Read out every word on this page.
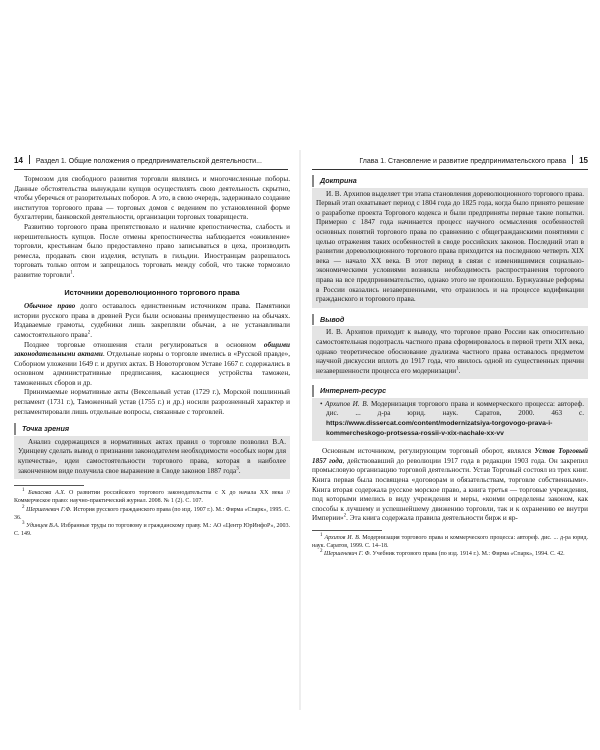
14 Раздел 1. Общие положения о предпринимательской деятельности...

Тормозом для свободного развития торговли являлись и многочисленные поборы. Данные обстоятельства вынуждали купцов осуществлять свою деятельность скрытно, чтобы уберечься от разорительных поборов. А это, в свою очередь, задерживало создание институтов торгового права — торговых домов с ведением по установленной форме бухгалтерии, банковской деятельности, организации торговых товариществ.

Развитию торгового права препятствовало и наличие крепостничества, слабость и нерешительность купцов. После отмены крепостничества наблюдается «оживление» торговли, крестьянам было предоставлено право записываться в цеха, производить ремесла, продавать свои изделия, вступать в гильдии. Иностранцам разрешалось торговать только оптом и запрещалось торговать между собой, что также тормозило развитие торговли$^1$.

Источники дореволюционного торгового права

Обычное право долго оставалось единственным источником права. Памятники истории русского права в древней Руси были основаны преимущественно на обычаях. Издаваемые грамоты, судебники лишь закрепляли обычаи, а не устанавливали самостоятельного права$^2$.

Позднее торговые отношения стали регулироваться в основном общими законодательными актами. Отдельные нормы о торговле имелись в «Русской правде», Соборном уложении 1649 г. и других актах. В Новоторговом Уставе 1667 г. содержались в основном административные предписания, касающиеся устройства таможен, таможенных сборов и др.

Принимаемые нормативные акты (Вексельный устав (1729 г.), Морской пошлинный регламент (1731 г.), Таможенный устав (1755 г.) и др.) носили разрозненный характер и регламентировали лишь отдельные вопросы, связанные с торговлей.

Точка зрения

Анализ содержащихся в нормативных актах правил о торговле позволил В.А. Удинцеву сделать вывод о признании законодателем необходимости «особых норм для купечества», идеи самостоятельности торгового права, которая в наиболее законченном виде получила свое выражение в Своде законов 1887 года$^3$.

$^1$ Бакасова А.Х. О развитии российского торгового законодательства с X до начала XX века // Коммерческое право: научно-практический журнал. 2008. № 1 (2). С. 107.

$^2$ Шершеневич Г.Ф. История русского гражданского права (по изд. 1907 г.). М.: Фирма «Спарк», 1995. С. 36.

$^3$ Удинцев В.А. Избранные труды по торговому и гражданскому праву. М.: АО «Центр ЮрИнфоР», 2003. С. 149.

Глава 1. Становление и развитие предпринимательского права 15
Доктрина

И. В. Архипов выделяет три этапа становления дореволюционного торгового права. Первый этап охватывает период с 1804 года до 1825 года, когда было принято решение о разработке проекта Торгового кодекса и были предприняты первые такие попытки. Примерно с 1847 года начинается процесс научного осмысления особенностей основных понятий торгового права по сравнению с общегражданскими понятиями с целью отражения таких особенностей в своде российских законов. Последний этап в развитии дореволюционного торгового права приходится на последнюю четверть XIX века — начало XX века. В этот период в связи с изменившимися социально-экономическими условиями возникла необходимость распространения торгового права на все предпринимательство, однако этого не произошло. Буржуазные реформы в России оказались незавершенными, что отразилось и на процессе кодификации гражданского и торгового права.

Вывод

И. В. Архипов приходит к выводу, что торговое право России как относительно самостоятельная подотрасль частного права сформировалось в первой трети XIX века, однако теоретическое обоснование дуализма частного права оставалось предметом научной дискуссии вплоть до 1917 года, что явилось одной из существенных причин незавершенности процесса его модернизации$^1$.

Интернет-ресурс

• Архипов И. В. Модернизация торгового права и коммерческого процесса: автореф. дис. ... д-ра юрид. наук. Саратов, 2000. 463 с. https://www.dissercat.com/content/modernizatsiya-torgovogo-prava-i-kommercheskogo-protsessa-rossii-v-xix-nachale-xx-vv

Основным источником, регулирующим торговый оборот, являлся Устав Торговый 1857 года, действовавший до революции 1917 года в редакции 1903 года. Он закрепил промысловую организацию торговой деятельности. Устав Торговый состоял из трех книг. Книга первая была посвящена «договорам и обязательствам, торговле собственными». Книга вторая содержала русское морское право, а книга третья — торговые учреждения, под которыми имелись в виду учреждения и меры, «коими определены законом, как способы к лучшему и успешнейшему движению торговли, так и к охранению ее внутри Империи»$^2$. Эта книга содержала правила деятельности бирж и яр-

$^1$ Архипов И. В. Модернизация торгового права и коммерческого процесса: автореф. дис. ... д-ра юрид. наук. Саратов, 1999. С. 14–18.

$^2$ Шершеневич Г. Ф. Учебник торгового права (по изд. 1914 г.). М.: Фирма «Спарк», 1994. С. 42.
